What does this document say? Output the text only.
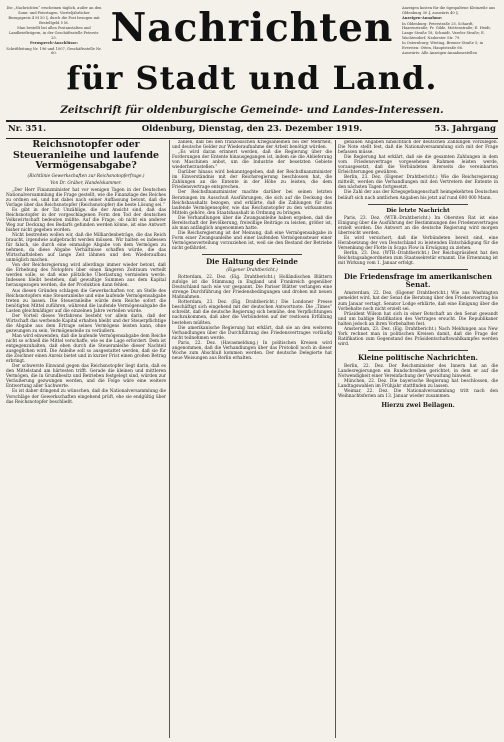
Die „Nachrichten“ erscheinen täglich, außer an den Sonn- und Feiertagen. Vierteljährlicher

Bezugspreis 4 M 50 ₰, durch die Post bezogen mit Bestellgeld 5 M.

Man bestellt bei allen Postanstalten und Landbriefträgern, in der Geschäftsstelle Peterstr. 25.

Fernsprech-Anschlüsse:

Schriftleitung Nr. 196 und 1007, Geschäftsstelle Nr. 60.

Anzeigen kosten für die 6gespaltene Kleinzeile aus Oldenburg 30 ₰, auswärts 40 ₰.

Anzeigen-Annahme:

In Oldenburg: Peterstraße 25, Schardt, Haarenstraße; Fr. Gilde, Mottenstraße; E. Heidt, Lange Straße 18, Schmidt, Vareler Straße; E. Wachtendorf, Nadorster Str. 79.

In Osternburg: Wieting, Bremer Straße 5; in Eversten: Otten, Hauptstraße 66.

Auswärts: Alle Anzeigen-Annahmestellen

Nachrichten
für Stadt und Land.
Zeitschrift für oldenburgische Gemeinde- und Landes-Interessen.
Nr. 351.	Oldenburg, Dienstag, den 23. Dezember 1919.	53. Jahrgang
Reichsnotopfer oder Steueranleihe und laufende Vermögensabgabe?
(Richtlinie Gewerkschaften zur Reichsnotopferfrage.)
Von Dr. Gräber, Handelskammer.

„Der Herr Finanzminister hat vor wenigen Tagen in der Deutschen Nationalversammlung die Frage gestellt, wie die Finanzlage des Reiches zu ordnen sei, und hat dabei nach seiner Auffassung betont, daß die Vorlage über das Reichsnotopfer (Reichsnotopfer) die beste Lösung sei.“

Es gibt in der Tat Unzählige, die der Ansicht sind, daß das Reichsnotopfer in der vorgeschlagenen Form den Tod der deutschen Volkswirtschaft bedeuten müßte. Auf die Frage, ob nicht ein anderer Weg zur Deckung des Bedarfs gefunden werden könne, ist eine Antwort bisher nicht gegeben worden.

Nicht bestreiten wollen wir, daß die Milliardenbeträge, die das Reich braucht, irgendwie aufgebracht werden müssen. Wir halten es indessen für falsch, sie durch eine einmalige Abgabe von dem Vermögen zu nehmen, da diese Abgabe Verhältnisse schaffen würde, die das Wirtschaftsleben auf lange Zeit lähmen und den Wiederaufbau unmöglich machen.

Von der Reichsregierung wird allerdings immer wieder betont, daß die Erhebung des Notopfers über einen längeren Zeitraum verteilt werden solle, so daß eine plötzliche Überlastung vermieden werde. Indessen bleibt bestehen, daß gewaltige Summen aus dem Kapital herausgezogen werden, die der Produktion dann fehlen.

Aus diesen Gründen schlagen die Gewerkschaften vor, an Stelle des Reichsnotopfers eine Steueranleihe und eine laufende Vermögensabgabe treten zu lassen. Die Steueranleihe würde dem Reiche sofort die benötigten Mittel zuführen, während die laufende Vermögensabgabe die Lasten gleichmäßiger auf die einzelnen Jahre verteilen würde.

Der Vorteil dieses Verfahrens besteht vor allem darin, daß der Wirtschaft das werbende Kapital erhalten bleibt und der Steuerpflichtige die Abgabe aus dem Ertrage seines Vermögens leisten kann, ohne gezwungen zu sein, Vermögensteile zu veräußern.

Man wird einwenden, daß die laufende Vermögensabgabe dem Reiche nicht so schnell die Mittel verschaffe, wie es die Lage erfordert. Dem ist entgegenzuhalten, daß eben durch die Steueranleihe dieser Nachteil ausgeglichen wird. Die Anleihe soll so ausgestattet werden, daß sie für die Zeichner einen Anreiz bietet und in kurzer Frist einen großen Betrag erbringt.

Der schwerste Einwand gegen das Reichsnotopfer liegt darin, daß es den Mittelstand am härtesten trifft. Gerade die kleinen und mittleren Vermögen, die in Grundbesitz und Betrieben festgelegt sind, würden zur Veräußerung gezwungen werden, und die Folge wäre eine weitere Entwertung aller Sachwerte.

Es ist daher dringend zu wünschen, daß die Nationalversammlung die Vorschläge der Gewerkschaften eingehend prüft, ehe sie endgültig über das Reichsnotopfer beschließt.

zahlen, daß bei den französischen Kriegsanleihen bei der Mehrheit, und deutsche Gelder zur Wiederaufnahme der Arbeit benötigt würden.

„Es wird daran erinnert werden, daß die Regierung über die Forderungen der Entente hinausgegangen ist, indem sie die Ablieferung von Maschinen anbot, um die Industrie der besetzten Gebiete wiederherzustellen.“

Darüber hinaus wird bekanntgegeben, daß der Reichsfinanzminister im Einverständnis mit der Reichsregierung beschlossen hat, die Zahlungen an die Entente in der Höhe zu leisten, die dem Friedensvertrage entsprechen.

Der Reichsfinanzminister machte darüber bei seinen letzten Beratungen im Ausschuß Ausführungen, die sich auf die Deckung des Reichshaushalts bezogen, und erklärte, daß die Zahlungen für das laufende Vermögensopfer, wie das Reichsnotopfer zu den wirksamsten Mitteln gehöre, den Staatshaushalt in Ordnung zu bringen.

Die Verhandlungen über die Zwangsanleihe haben ergeben, daß die Bereitschaft der Bevölkerung, freiwillige Beiträge zu leisten, größer ist, als man anfänglich angenommen hatte.

Die Reichsregierung ist der Meinung, daß eine Vermögensabgabe in Form einer Zwangsanleihe und einer laufenden Vermögenssteuer einer Vermögensverteilung vorzuziehen ist, weil sie den Bestand der Betriebe nicht gefährdet.

Die Haltung der Feinde
(Eigener Drahtbericht.)

Rotterdam, 22. Dez. (Eig. Drahtbericht.) Holländischen Blättern zufolge ist die Stimmung in England und Frankreich gegenüber Deutschland nach wie vor gespannt. Die Pariser Blätter verlangen eine strenge Durchführung der Friedensbedingungen und drohen mit neuen Maßnahmen.

Rotterdam, 23. Dez. (Eig. Drahtbericht.) Die Londoner Presse beschäftigt sich eingehend mit der deutschen Antwortnote. Die „Times“ schreibt, daß die deutsche Regierung sich bemühe, den Verpflichtungen nachzukommen, daß aber die Verbündeten auf der restlosen Erfüllung bestehen müßten.

Die amerikanische Regierung hat erklärt, daß sie an den weiteren Verhandlungen über die Durchführung des Friedensvertrages vorläufig nicht teilnehmen werde.

Paris, 22. Dez. (Havasmeldung.) In politischen Kreisen wird angenommen, daß die Verhandlungen über das Protokoll noch in dieser Woche zum Abschluß kommen werden. Der deutsche Delegierte hat neue Weisungen aus Berlin erhalten.

genauen Angaben hinsichtlich der deutschen Zahlungen vorzulegen. Die Note stellt fest, daß die Nationalversammlung sich mit der Frage befassen müsse.

Die Regierung hat erklärt, daß sie die gesamten Zahlungen in dem vom Friedensvertrage vorgesehenen Rahmen leisten werde, vorausgesetzt, daß die Verbündeten ihrerseits die vereinbarten Erleichterungen gewähren.

Berlin, 23. Dez. (Eigener Drahtbericht.) Wie die Reichsregierung mitteilt, werden die Verhandlungen mit den Vertretern der Entente in den nächsten Tagen fortgesetzt.

Die Zahl der aus der Kriegsgefangenschaft heimgekehrten Deutschen beläuft sich nach amtlichen Angaben bis jetzt auf rund 600 000 Mann.

Die letzte Nachricht

Paris, 23. Dez. (WTB.-Drahtbericht.) Im Obersten Rat ist eine Einigung über die Ausführung der Bestimmungen des Friedensvertrages erzielt worden. Die Antwort an die deutsche Regierung wird morgen überreicht werden.

Es wird versichert, daß die Verbündeten bereit sind, eine Herabsetzung der von Deutschland zu leistenden Entschädigung für die Versenkung der Flotte in Scapa Flow in Erwägung zu ziehen.

Berlin, 23. Dez. (WTB.-Drahtbericht.) Der Reichspräsident hat den Reichstagsabgeordneten zum Staatssekretär ernannt. Die Ernennung ist mit Wirkung vom 1. Januar erfolgt.

Die Friedensfrage im amerikanischen Senat.

Amsterdam, 22. Dez. (Eigener Drahtbericht.) Wie aus Washington gemeldet wird, hat der Senat die Beratung über den Friedensvertrag bis zum Januar vertagt. Senator Lodge erklärte, daß eine Einigung über die Vorbehalte noch nicht erzielt sei.

Präsident Wilson hat sich in einer Botschaft an den Senat gewandt und um baldige Ratifikation des Vertrages ersucht. Die Republikaner halten jedoch an ihren Vorbehalten fest.

Amsterdam, 23. Dez. (Eig. Drahtbericht.) Nach Meldungen aus New York rechnet man in politischen Kreisen damit, daß die Frage der Ratifikation zum Gegenstand des Präsidentschaftswahlkampfes werden wird.

Kleine politische Nachrichten.

Berlin, 22. Dez. Der Reichsminister des Innern hat an die Landesregierungen ein Rundschreiben gerichtet, in dem er auf die Notwendigkeit einer Vereinfachung der Verwaltung hinweist.

München, 22. Dez. Die bayerische Regierung hat beschlossen, die Landtagswahlen im Frühjahr stattfinden zu lassen.

Weimar, 22. Dez. Die Nationalversammlung tritt nach den Weihnachtsferien am 13. Januar wieder zusammen.

Hierzu zwei Beilagen.
